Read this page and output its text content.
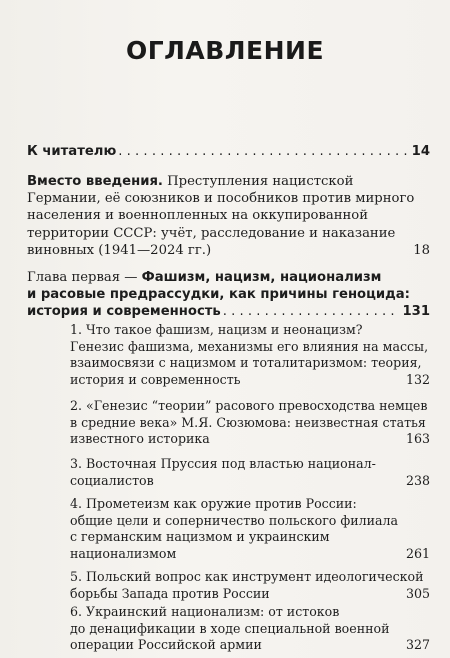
ОГЛАВЛЕНИЕ
К читателю . . .	14
Вместо введения. Преступления нацистской
Германии, её союзников и пособников против мирного
населения и военнопленных на оккупированной
территории СССР: учёт, расследование и наказание
виновных (1941—2024 гг.)	18
Глава первая — Фашизм, нацизм, национализм
и расовые предрассудки, как причины геноцида:
история и современность . . .	131
1. Что такое фашизм, нацизм и неонацизм?
Генезис фашизма, механизмы его влияния на массы,
взаимосвязи с нацизмом и тоталитаризмом: теория,
история и современность	132
2. «Генезис “теории” расового превосходства немцев
в средние века» М.Я. Сюзюмова: неизвестная статья
известного историка	163
3. Восточная Пруссия под властью национал-
социалистов	238
4. Прометеизм как оружие против России:
общие цели и соперничество польского филиала
с германским нацизмом и украинским
национализмом	261
5. Польский вопрос как инструмент идеологической
борьбы Запада против России	305
6. Украинский национализм: от истоков
до денацификации в ходе специальной военной
операции Российской армии	327
